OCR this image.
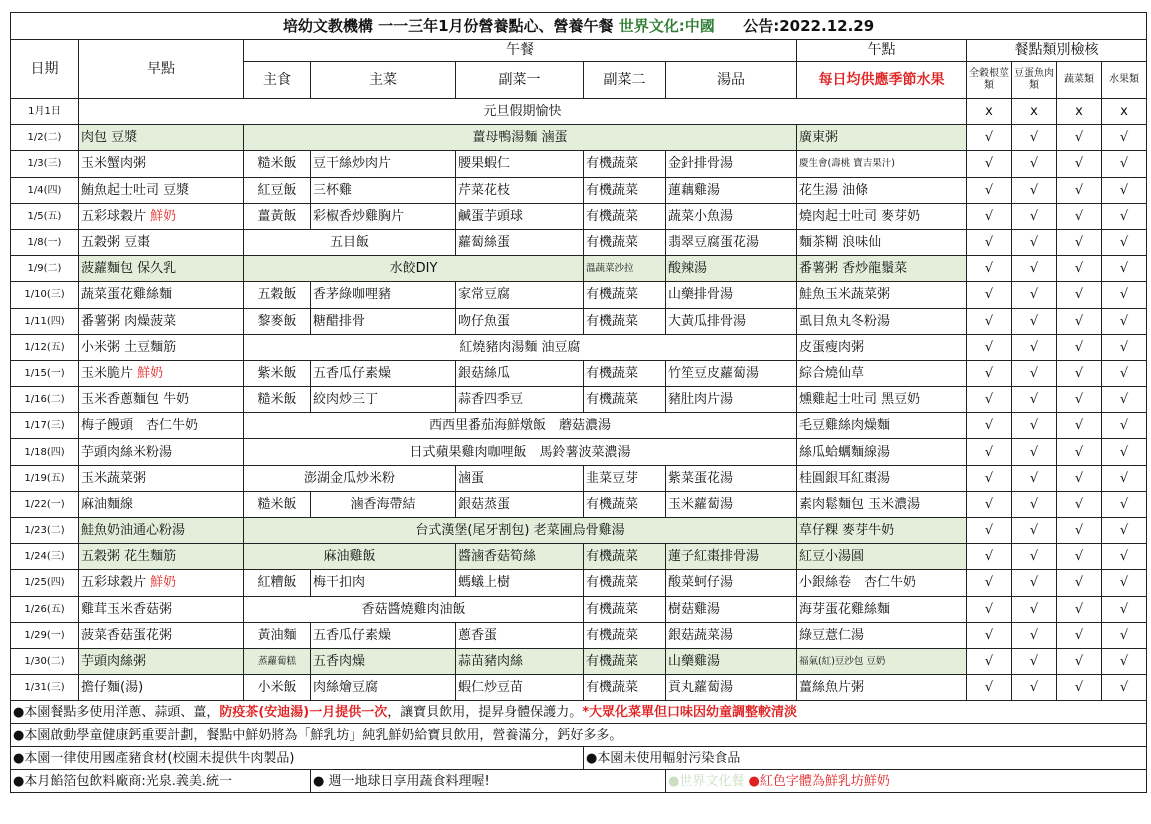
培幼文教機構 一一三年1月份營養點心、營養午餐 世界文化:中國 公告:2022.12.29											
日期	早點	午餐					午點	餐點類別檢核			
		主食	主菜	副菜一	副菜二	湯品	每日均供應季節水果	全穀根莖類	豆蛋魚肉類	蔬菜類	水果類
1月1日	元旦假期愉快							x	x	x	x
1/2(二)	肉包 豆漿	薑母鴨湯麵 滷蛋					廣東粥	√	√	√	√
1/3(三)	玉米蟹肉粥	糙米飯	豆干絲炒肉片	腰果蝦仁	有機蔬菜	金針排骨湯	慶生會(壽桃 寶吉果汁)	√	√	√	√
1/4(四)	鮪魚起士吐司 豆漿	紅豆飯	三杯雞	芹菜花枝	有機蔬菜	蓮藕雞湯	花生湯 油條	√	√	√	√
1/5(五)	五彩球穀片 鮮奶	薑黃飯	彩椒香炒雞胸片	鹹蛋芋頭球	有機蔬菜	蔬菜小魚湯	燒肉起士吐司 麥芽奶	√	√	√	√
1/8(一)	五穀粥 豆棗	五目飯		蘿蔔絲蛋	有機蔬菜	翡翠豆腐蛋花湯	麵茶糊 浪味仙	√	√	√	√
1/9(二)	菠蘿麵包 保久乳	水餃DIY			溫蔬菜沙拉	酸辣湯	番薯粥 香炒龍鬚菜	√	√	√	√
1/10(三)	蔬菜蛋花雞絲麵	五穀飯	香茅綠咖哩豬	家常豆腐	有機蔬菜	山藥排骨湯	鮭魚玉米蔬菜粥	√	√	√	√
1/11(四)	番薯粥 肉燥菠菜	黎麥飯	糖醋排骨	吻仔魚蛋	有機蔬菜	大黃瓜排骨湯	虱目魚丸冬粉湯	√	√	√	√
1/12(五)	小米粥 土豆麵筋	紅燒豬肉湯麵 油豆腐					皮蛋瘦肉粥	√	√	√	√
1/15(一)	玉米脆片 鮮奶	紫米飯	五香瓜仔素燥	銀菇絲瓜	有機蔬菜	竹笙豆皮蘿蔔湯	綜合燒仙草	√	√	√	√
1/16(二)	玉米香蔥麵包 牛奶	糙米飯	絞肉炒三丁	蒜香四季豆	有機蔬菜	豬肚肉片湯	燻雞起士吐司 黑豆奶	√	√	√	√
1/17(三)	梅子饅頭　杏仁牛奶	西西里番茄海鮮燉飯　蘑菇濃湯					毛豆雞絲肉燥麵	√	√	√	√
1/18(四)	芋頭肉絲米粉湯	日式蘋果雞肉咖哩飯　馬鈴薯波菜濃湯					絲瓜蛤蠣麵線湯	√	√	√	√
1/19(五)	玉米蔬菜粥	澎湖金瓜炒米粉		滷蛋	韭菜豆芽	紫菜蛋花湯	桂圓銀耳紅棗湯	√	√	√	√
1/22(一)	麻油麵線	糙米飯	滷香海帶結	銀菇蒸蛋	有機蔬菜	玉米蘿蔔湯	素肉鬆麵包 玉米濃湯	√	√	√	√
1/23(二)	鮭魚奶油通心粉湯	台式漢堡(尾牙割包) 老菜圃烏骨雞湯					草仔粿 麥芽牛奶	√	√	√	√
1/24(三)	五穀粥 花生麵筋	麻油雞飯		醬滷香菇筍絲	有機蔬菜	蓮子紅棗排骨湯	紅豆小湯圓	√	√	√	√
1/25(四)	五彩球穀片 鮮奶	紅糟飯	梅干扣肉	螞蟻上樹	有機蔬菜	酸菜蚵仔湯	小銀絲卷　杏仁牛奶	√	√	√	√
1/26(五)	雞茸玉米香菇粥	香菇醬燒雞肉油飯			有機蔬菜	樹菇雞湯	海芽蛋花雞絲麵	√	√	√	√
1/29(一)	菠菜香菇蛋花粥	黃油麵	五香瓜仔素燥	蔥香蛋	有機蔬菜	銀菇蔬菜湯	綠豆薏仁湯	√	√	√	√
1/30(二)	芋頭肉絲粥	蒸蘿蔔糕	五香肉燥	蒜苗豬肉絲	有機蔬菜	山藥雞湯	福氣(紅)豆沙包 豆奶	√	√	√	√
1/31(三)	擔仔麵(湯)	小米飯	肉絲燴豆腐	蝦仁炒豆苗	有機蔬菜	貢丸蘿蔔湯	薑絲魚片粥	√	√	√	√
●本園餐點多使用洋蔥、蒜頭、薑，防疫茶(安迪湯)一月提供一次，讓寶貝飲用，提昇身體保護力。*大眾化菜單但口味因幼童調整較清淡											
●本園啟動學童健康鈣重要計劃，餐點中鮮奶將為「鮮乳坊」純乳鮮奶給寶貝飲用，營養滿分，鈣好多多。											
●本園一律使用國產豬食材(校園未提供牛肉製品)					●本園未使用輻射污染食品						
●本月餡箔包飲料廠商:光泉.義美.統一			● 週一地球日享用蔬食料理喔!			●世界文化餐 ●紅色字體為鮮乳坊鮮奶					
